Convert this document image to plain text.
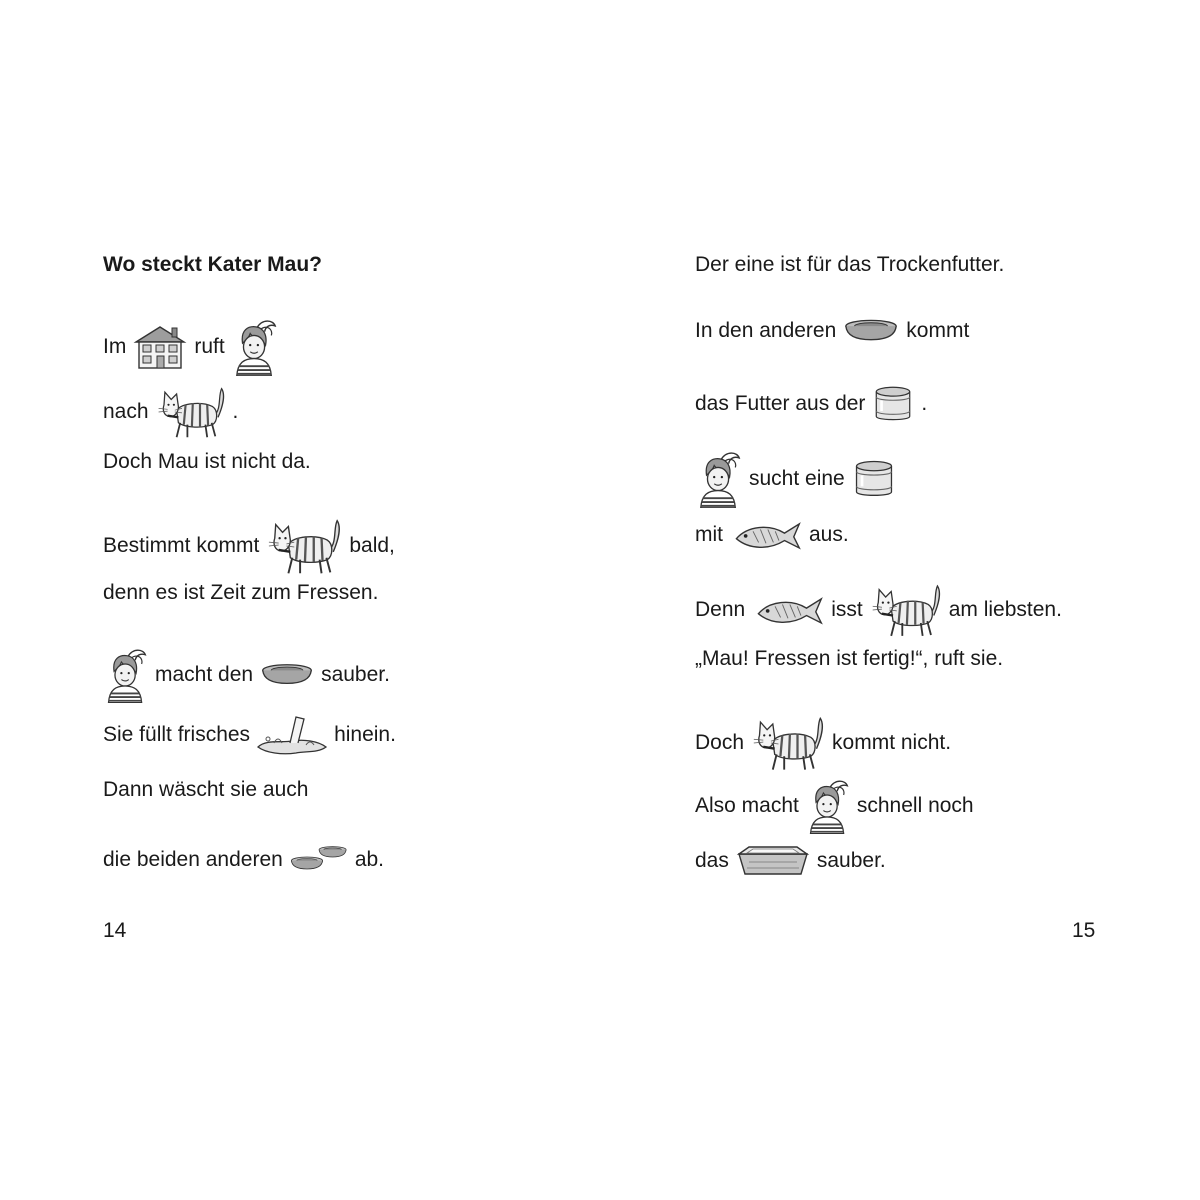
Wo steckt Kater Mau?
Im	ruft
nach	.
Doch Mau ist nicht da.
Bestimmt kommt	bald,
denn es ist Zeit zum Fressen.
macht den	sauber.
Sie füllt frisches	hinein.
Dann wäscht sie auch
die beiden anderen	ab.
14
Der eine ist für das Trockenfutter.
In den anderen	kommt
das Futter aus der	.
sucht eine
mit	aus.
Denn	isst	am liebsten.
„Mau! Fressen ist fertig!“, ruft sie.
Doch	kommt nicht.
Also macht	schnell noch
das	sauber.
15
